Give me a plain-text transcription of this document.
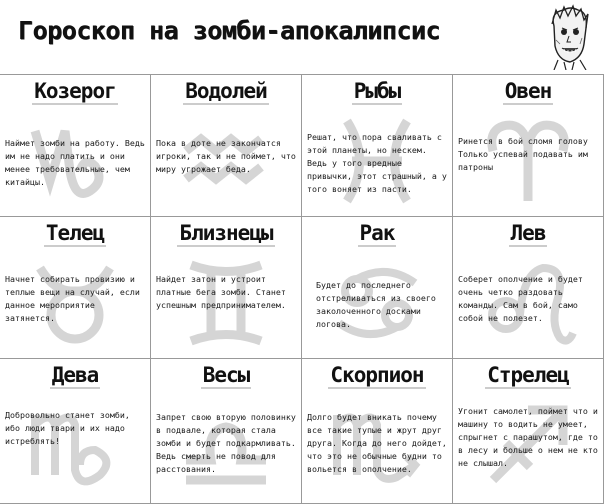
Гороскоп на зомби-апокалипсис
Козерог
Наймет зомби на работу. Ведь им не надо платить и они менее требовательные, чем китайцы.
Водолей
Пока в доте не закончатся игроки, так и не поймет, что миру угрожает беда.
Рыбы
Решат, что пора сваливать с этой планеты, но нескем. Ведь у того вредные привычки, этот страшный, а у того воняет из пасти.
Овен
Ринется в бой сломя голову Только успевай подавать им патроны
Телец
Начнет собирать провизию и теплые вещи на случай, если данное мероприятие затянется.
Близнецы
Найдет затон и устроит платные бега зомби. Станет успешным предпринимателем.
Рак
Будет до последнего отстреливаться из своего заколоченного досками логова.
Лев
Соберет ополчение и будет очень четко раздовать команды. Сам в бой, само собой не полезет.
Дева
Добровольно станет зомби, ибо люди твари и их надо истреблять!
Весы
Запрет свою вторую половинку в подвале, которая стала зомби и будет подкармливать. Ведь смерть не повод для расстования.
Скорпион
Долго будет вникать почему все такие тупые и жрут друг друга. Когда до него дойдет, что это не обычные будни то вольется в ополчение.
Стрелец
Угонит самолет, поймет что и машину то водить не умеет, спрыгнет с парашутом, где то в лесу и больше о нем не кто не слышал.
